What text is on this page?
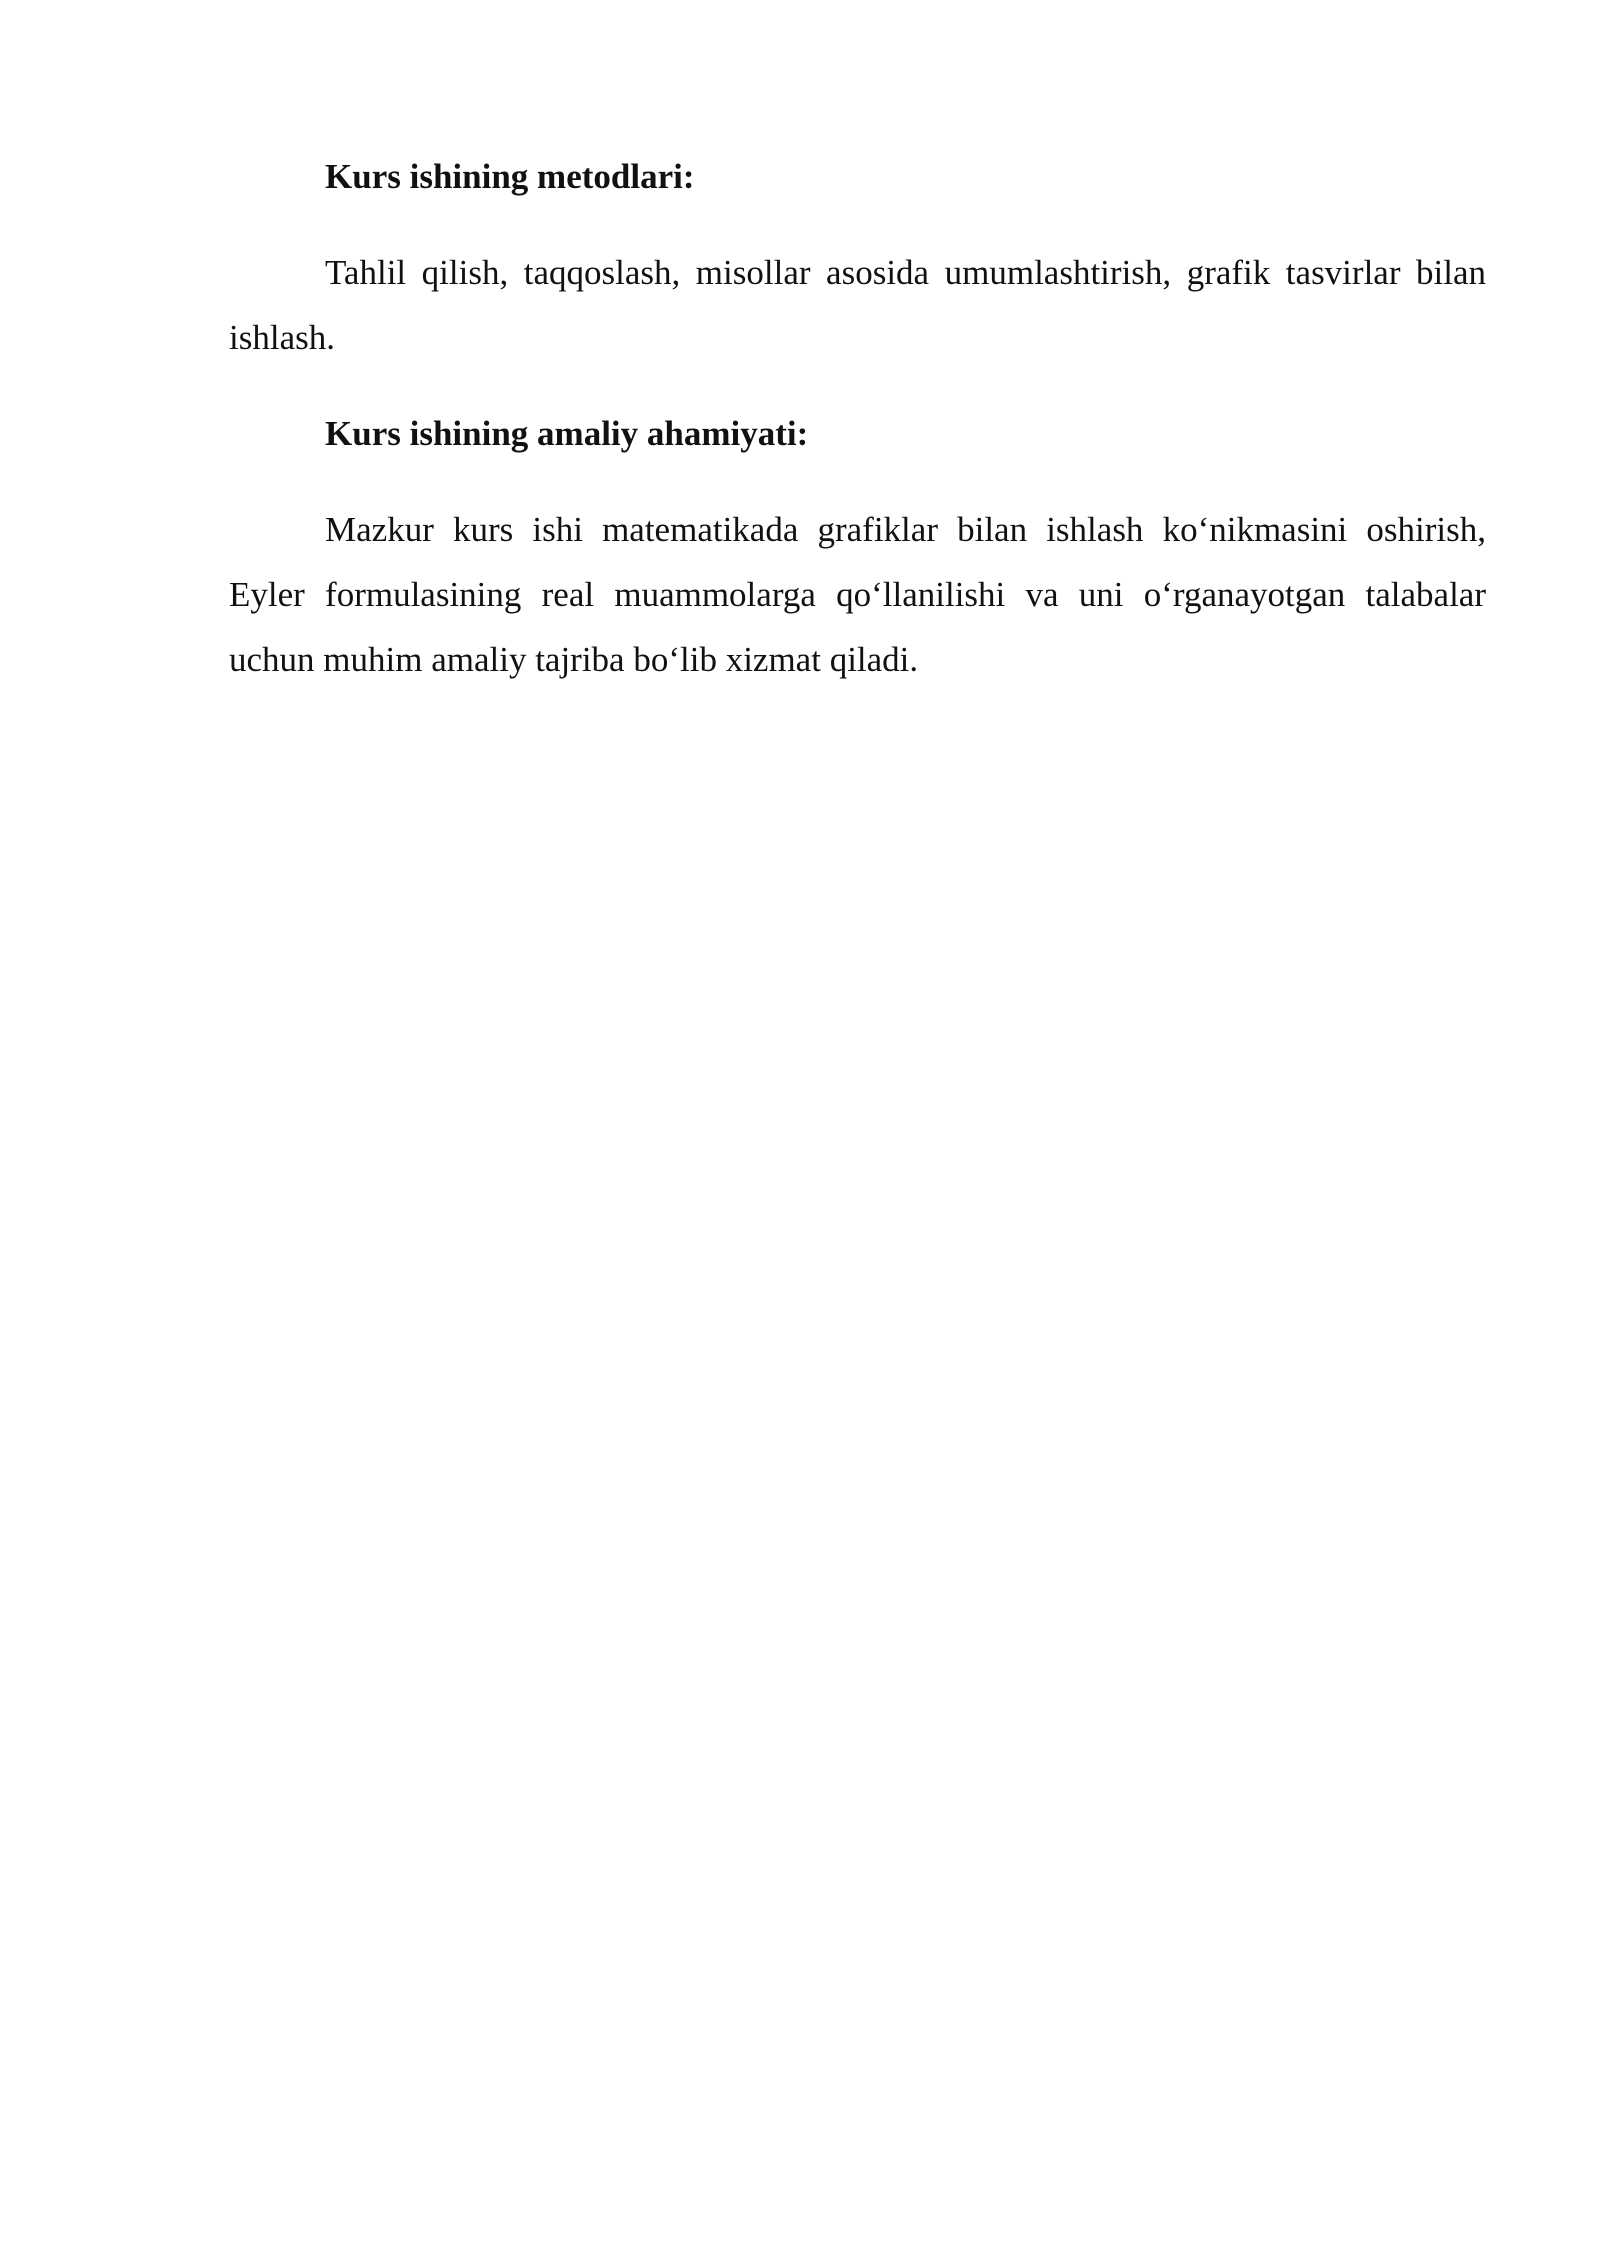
Kurs ishining metodlari:

Tahlil qilish, taqqoslash, misollar asosida umumlashtirish, grafik tasvirlar bilan ishlash.

Kurs ishining amaliy ahamiyati:

Mazkur kurs ishi matematikada grafiklar bilan ishlash ko‘nikmasini oshirish, Eyler formulasining real muammolarga qo‘llanilishi va uni o‘rganayotgan talabalar uchun muhim amaliy tajriba bo‘lib xizmat qiladi.
